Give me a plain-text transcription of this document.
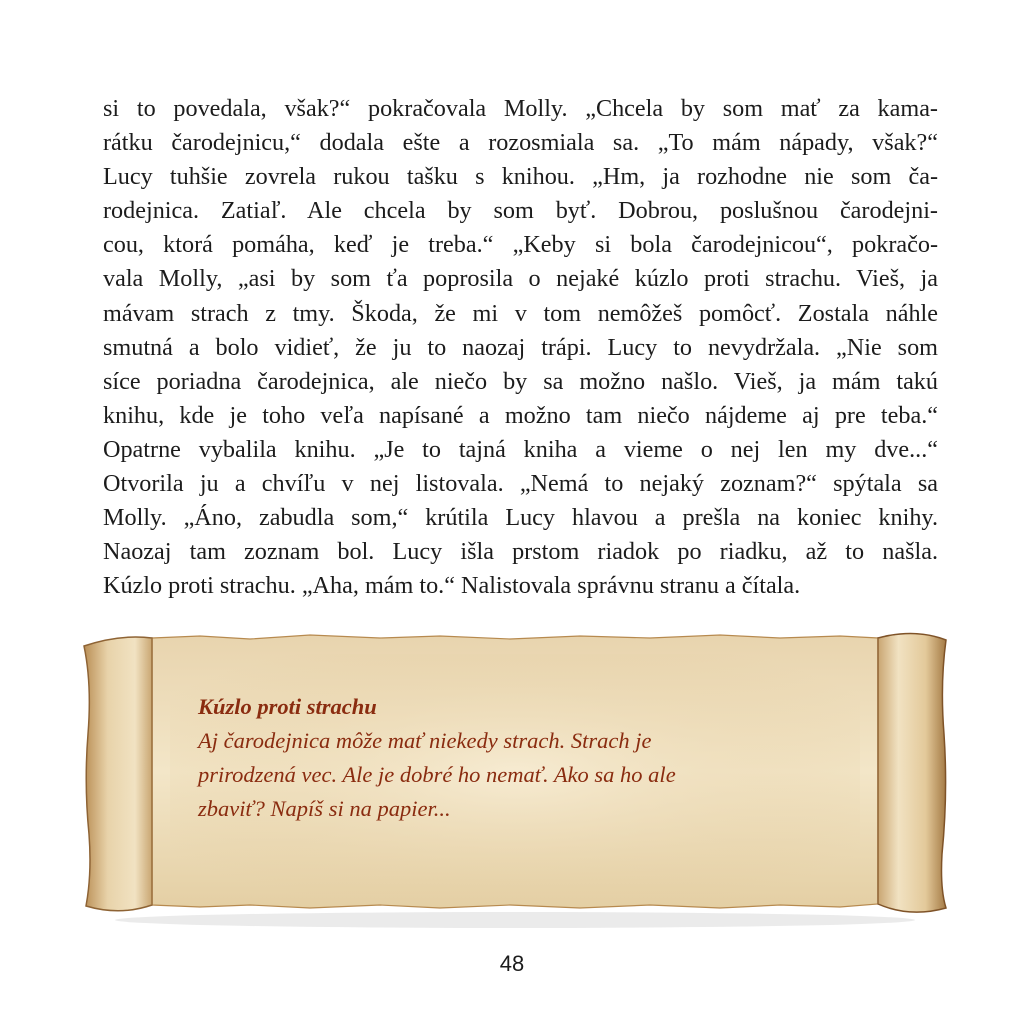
si to povedala, však?“ pokračovala Molly. „Chcela by som mať za kama-
rátku čarodejnicu,“ dodala ešte a rozosmiala sa. „To mám nápady, však?“
Lucy tuhšie zovrela rukou tašku s knihou. „Hm, ja rozhodne nie som ča-
rodejnica. Zatiaľ. Ale chcela by som byť. Dobrou, poslušnou čarodejni-
cou, ktorá pomáha, keď je treba.“ „Keby si bola čarodejnicou“, pokračo-
vala Molly, „asi by som ťa poprosila o nejaké kúzlo proti strachu. Vieš, ja
mávam strach z tmy. Škoda, že mi v tom nemôžeš pomôcť. Zostala náhle
smutná a bolo vidieť, že ju to naozaj trápi. Lucy to nevydržala. „Nie som
síce poriadna čarodejnica, ale niečo by sa možno našlo. Vieš, ja mám takú
knihu, kde je toho veľa napísané a možno tam niečo nájdeme aj pre teba.“
Opatrne vybalila knihu. „Je to tajná kniha a vieme o nej len my dve...“
Otvorila ju a chvíľu v nej listovala. „Nemá to nejaký zoznam?“ spýtala sa
Molly. „Áno, zabudla som,“ krútila Lucy hlavou a prešla na koniec knihy.
Naozaj tam zoznam bol. Lucy išla prstom riadok po riadku, až to našla.
Kúzlo proti strachu. „Aha, mám to.“ Nalistovala správnu stranu a čítala.
Kúzlo proti strachu
Aj čarodejnica môže mať niekedy strach. Strach je
prirodzená vec. Ale je dobré ho nemať. Ako sa ho ale
zbaviť? Napíš si na papier...
48
